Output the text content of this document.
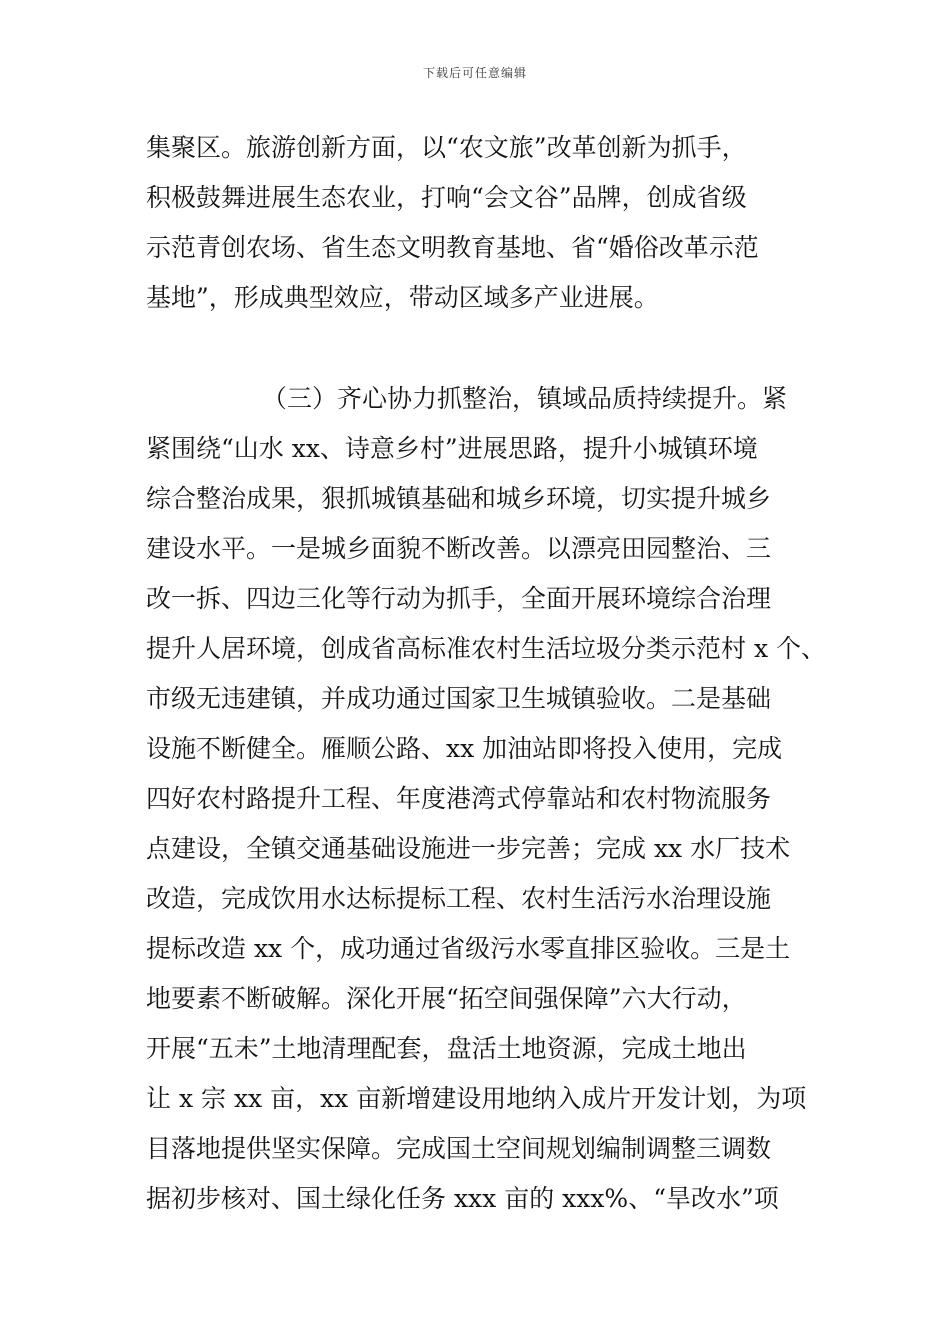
下载后可任意编辑
集聚区。旅游创新方面，以“农文旅”改革创新为抓手，
积极鼓舞进展生态农业，打响“会文谷”品牌，创成省级
示范青创农场、省生态文明教育基地、省“婚俗改革示范
基地”，形成典型效应，带动区域多产业进展。
（三）齐心协力抓整治，镇域品质持续提升。紧
紧围绕“山水 xx、诗意乡村”进展思路，提升小城镇环境
综合整治成果，狠抓城镇基础和城乡环境，切实提升城乡
建设水平。一是城乡面貌不断改善。以漂亮田园整治、三
改一拆、四边三化等行动为抓手，全面开展环境综合治理
提升人居环境，创成省高标准农村生活垃圾分类示范村 x 个、
市级无违建镇，并成功通过国家卫生城镇验收。二是基础
设施不断健全。雁顺公路、xx 加油站即将投入使用，完成
四好农村路提升工程、年度港湾式停靠站和农村物流服务
点建设，全镇交通基础设施进一步完善；完成 xx 水厂技术
改造，完成饮用水达标提标工程、农村生活污水治理设施
提标改造 xx 个，成功通过省级污水零直排区验收。三是土
地要素不断破解。深化开展“拓空间强保障”六大行动，
开展“五未”土地清理配套，盘活土地资源，完成土地出
让 x 宗 xx 亩，xx 亩新增建设用地纳入成片开发计划，为项
目落地提供坚实保障。完成国土空间规划编制调整三调数
据初步核对、国土绿化任务 xxx 亩的 xxx%、“旱改水”项
